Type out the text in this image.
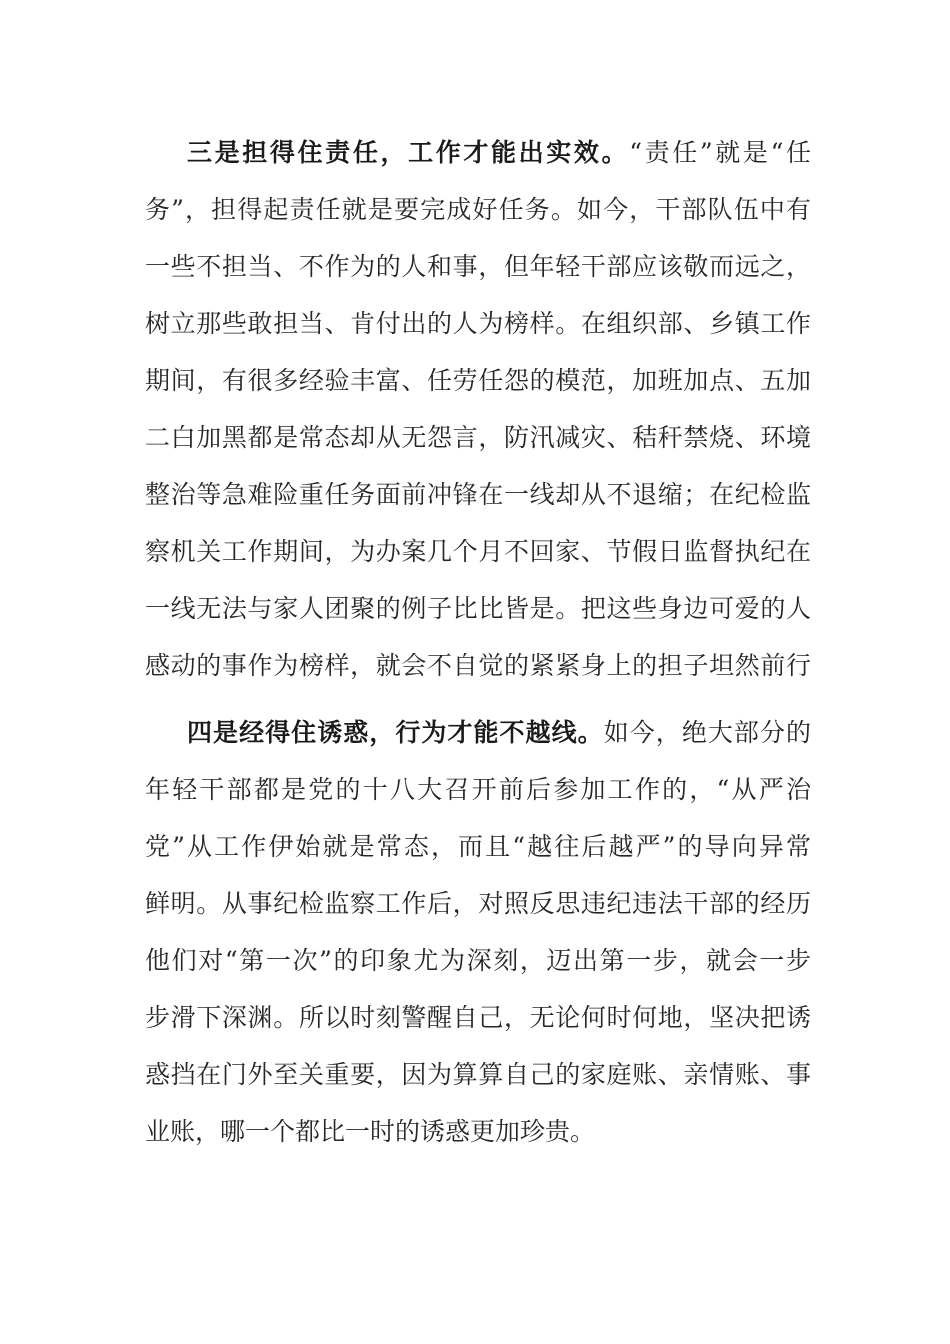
三是担得住责任，工作才能出实效。“责任”就是“任
务”，担得起责任就是要完成好任务。如今，干部队伍中有
一些不担当、不作为的人和事，但年轻干部应该敬而远之，
树立那些敢担当、肯付出的人为榜样。在组织部、乡镇工作
期间，有很多经验丰富、任劳任怨的模范，加班加点、五加
二白加黑都是常态却从无怨言，防汛减灾、秸秆禁烧、环境
整治等急难险重任务面前冲锋在一线却从不退缩；在纪检监
察机关工作期间，为办案几个月不回家、节假日监督执纪在
一线无法与家人团聚的例子比比皆是。把这些身边可爱的人
感动的事作为榜样，就会不自觉的紧紧身上的担子坦然前行
四是经得住诱惑，行为才能不越线。如今，绝大部分的
年轻干部都是党的十八大召开前后参加工作的，“从严治
党”从工作伊始就是常态，而且“越往后越严”的导向异常
鲜明。从事纪检监察工作后，对照反思违纪违法干部的经历
他们对“第一次”的印象尤为深刻，迈出第一步，就会一步
步滑下深渊。所以时刻警醒自己，无论何时何地，坚决把诱
惑挡在门外至关重要，因为算算自己的家庭账、亲情账、事
业账，哪一个都比一时的诱惑更加珍贵。
